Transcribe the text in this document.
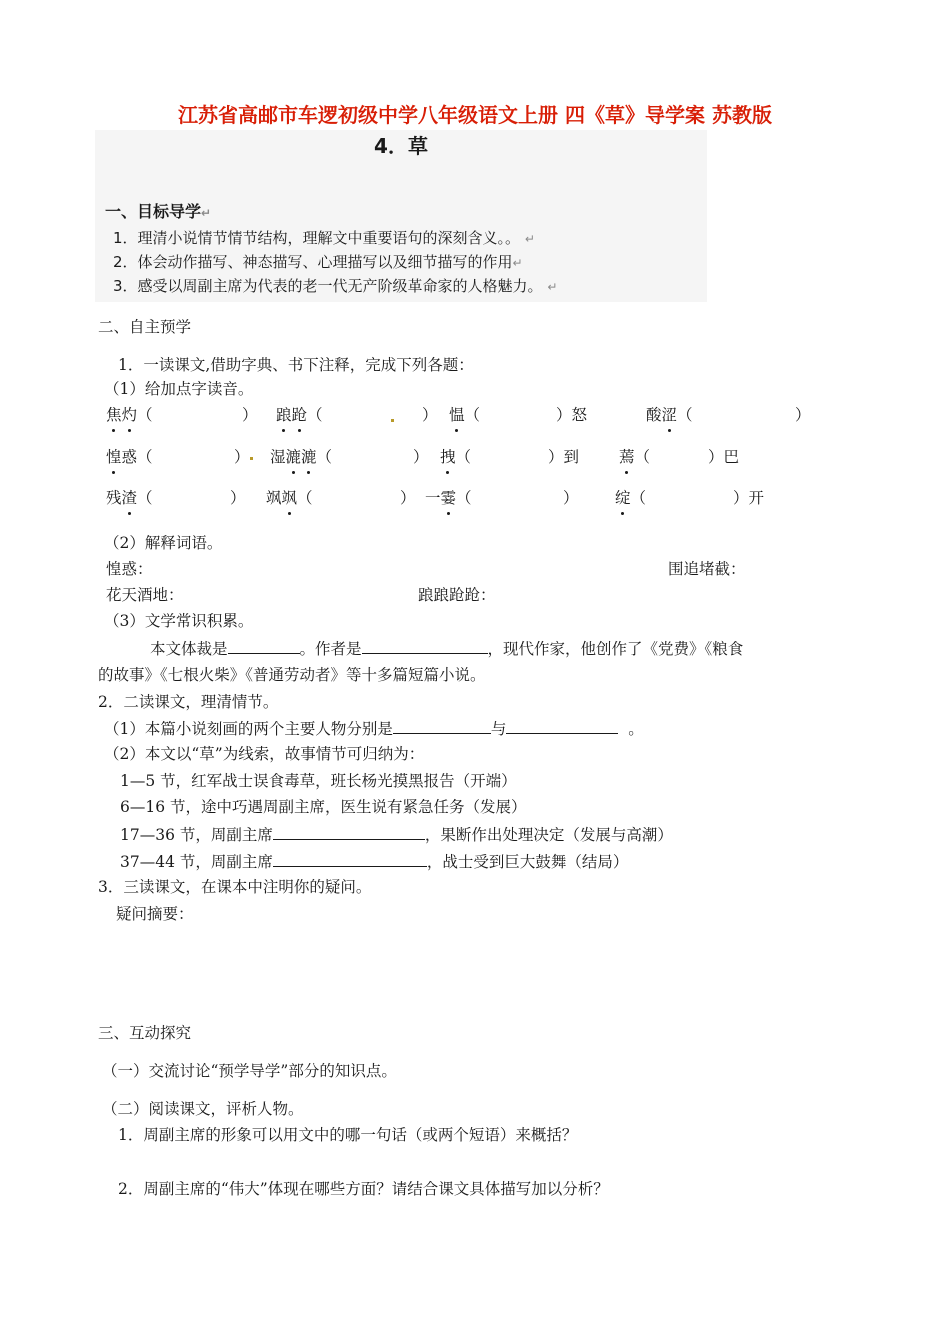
江苏省高邮市车逻初级中学八年级语文上册 四《草》导学案 苏教版
4．草
一、目标导学↵
1．理清小说情节情节结构，理解文中重要语句的深刻含义。。 ↵
2．体会动作描写、神态描写、心理描写以及细节描写的作用↵
3．感受以周副主席为代表的老一代无产阶级革命家的人格魅力。 ↵
二、自主预学
1．一读课文,借助字典、书下注释，完成下列各题：
（1）给加点字读音。
焦灼（	） 踉跄（	） 愠（	）怒	酸涩（	）
惶惑（	） 湿漉漉（	） 拽（	）到	蔫（	）巴
残渣（	） 飒飒（	） 一霎（	） 绽（	）开
（2）解释词语。
惶惑：	围追堵截：
花天酒地：	踉踉跄跄：
（3）文学常识积累。
本文体裁是	。作者是	，现代作家，他创作了《党费》《粮食
的故事》《七根火柴》《普通劳动者》等十多篇短篇小说。
2．二读课文，理清情节。
（1）本篇小说刻画的两个主要人物分别是	与	。
（2）本文以“草”为线索，故事情节可归纳为：
1—5 节，红军战士误食毒草，班长杨光摸黑报告（开端）
6—16 节，途中巧遇周副主席，医生说有紧急任务（发展）
17—36 节，周副主席	，果断作出处理决定（发展与高潮）
37—44 节，周副主席	，战士受到巨大鼓舞（结局）
3．三读课文，在课本中注明你的疑问。
疑问摘要：
三、互动探究
（一）交流讨论“预学导学”部分的知识点。
（二）阅读课文，评析人物。
1．周副主席的形象可以用文中的哪一句话（或两个短语）来概括？
2．周副主席的“伟大”体现在哪些方面？请结合课文具体描写加以分析？
